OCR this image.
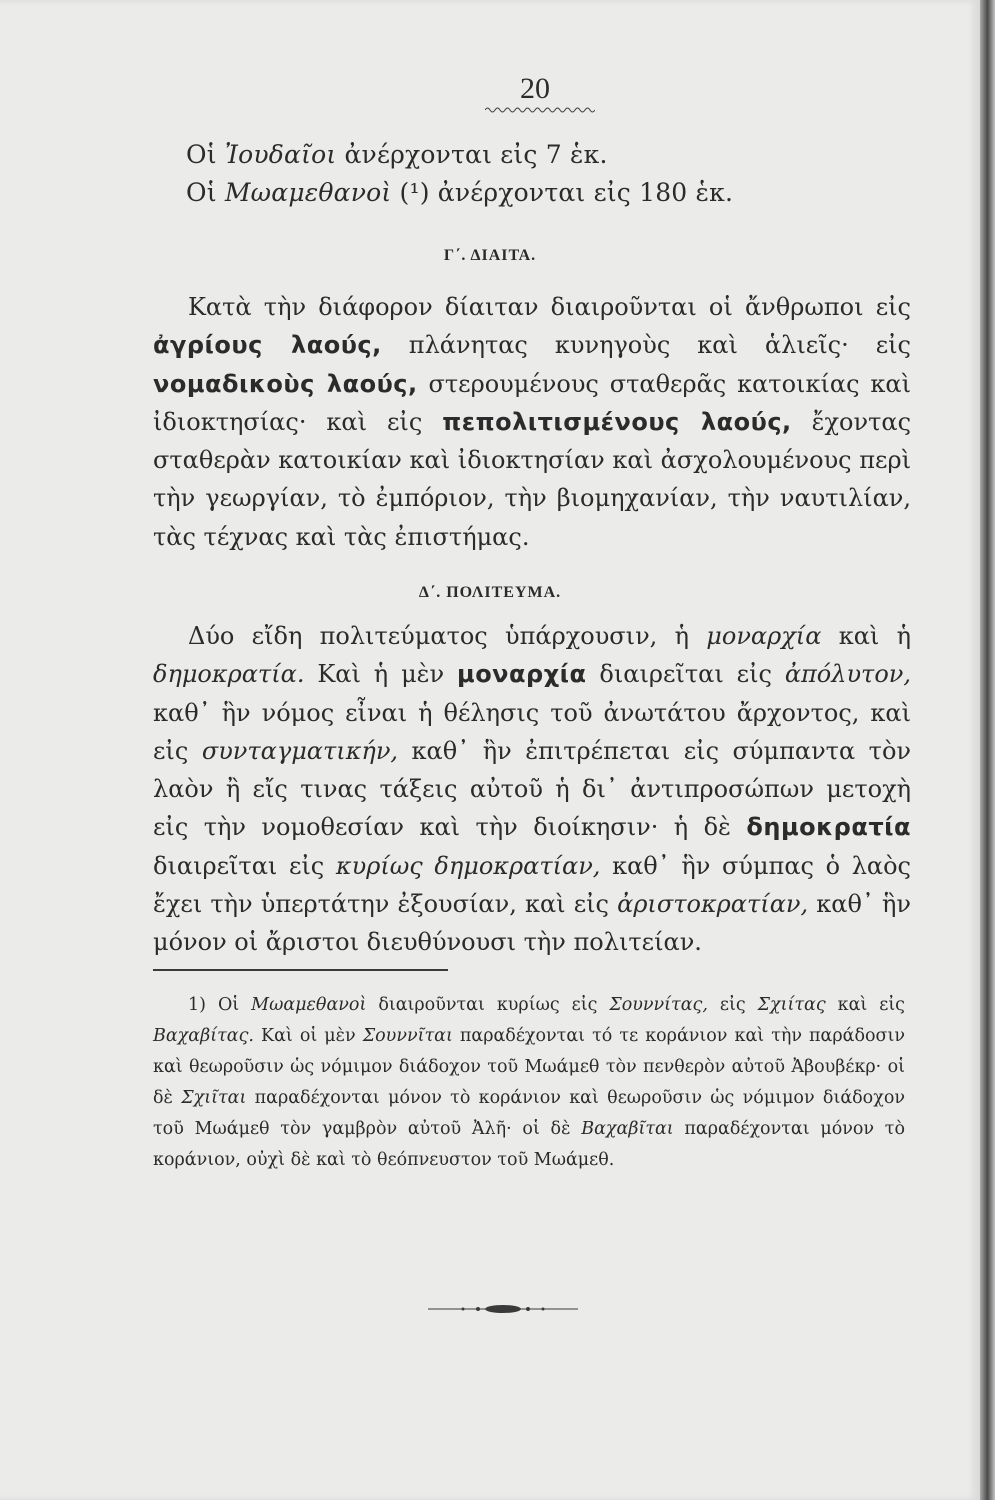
20
Οἱ Ἰουδαῖοι ἀνέρχονται εἰς 7 ἑκ.
Οἱ Μωαμεθανοὶ (¹) ἀνέρχονται εἰς 180 ἑκ.
Γ΄. ΔΙΑΙΤΑ.

Κατὰ τὴν διάφορον δίαιταν διαιροῦνται οἱ ἄνθρωποι εἰς ἀγρίους λαούς, πλάνητας κυνηγοὺς καὶ ἁλιεῖς· εἰς νομαδικοὺς λαούς, στερουμένους σταθερᾶς κατοικίας καὶ ἰδιοκτησίας· καὶ εἰς πεπολιτισμένους λαούς, ἔχοντας σταθερὰν κατοικίαν καὶ ἰδιοκτησίαν καὶ ἀσχολουμένους περὶ τὴν γεωργίαν, τὸ ἐμπόριον, τὴν βιομηχανίαν, τὴν ναυτιλίαν, τὰς τέχνας καὶ τὰς ἐπιστήμας.

Δ΄. ΠΟΛΙΤΕΥΜΑ.

Δύο εἴδη πολιτεύματος ὑπάρχουσιν, ἡ μοναρχία καὶ ἡ δημοκρατία. Καὶ ἡ μὲν μοναρχία διαιρεῖται εἰς ἀπόλυτον, καθ᾽ ἣν νόμος εἶναι ἡ θέλησις τοῦ ἀνωτάτου ἄρχοντος, καὶ εἰς συνταγματικήν, καθ᾽ ἣν ἐπιτρέπεται εἰς σύμπαντα τὸν λαὸν ἢ εἴς τινας τάξεις αὐτοῦ ἡ δι᾽ ἀντιπροσώπων μετοχὴ εἰς τὴν νομοθεσίαν καὶ τὴν διοίκησιν· ἡ δὲ δημοκρατία διαιρεῖται εἰς κυρίως δημοκρατίαν, καθ᾽ ἣν σύμπας ὁ λαὸς ἔχει τὴν ὑπερτάτην ἐξουσίαν, καὶ εἰς ἀριστοκρατίαν, καθ᾽ ἣν μόνον οἱ ἄριστοι διευθύνουσι τὴν πολιτείαν.

1) Οἱ Μωαμεθανοὶ διαιροῦνται κυρίως εἰς Σουννίτας, εἰς Σχιίτας καὶ εἰς Βαχαβίτας. Καὶ οἱ μὲν Σουννῖται παραδέχονται τό τε κοράνιον καὶ τὴν παράδοσιν καὶ θεωροῦσιν ὡς νόμιμον διάδοχον τοῦ Μωάμεθ τὸν πενθερὸν αὐτοῦ Ἀβουβέκρ· οἱ δὲ Σχιῖται παραδέχονται μόνον τὸ κοράνιον καὶ θεωροῦσιν ὡς νόμιμον διάδοχον τοῦ Μωάμεθ τὸν γαμβρὸν αὐτοῦ Ἀλῆ· οἱ δὲ Βαχαβῖται παραδέχονται μόνον τὸ κοράνιον, οὐχὶ δὲ καὶ τὸ θεόπνευστον τοῦ Μωάμεθ.
